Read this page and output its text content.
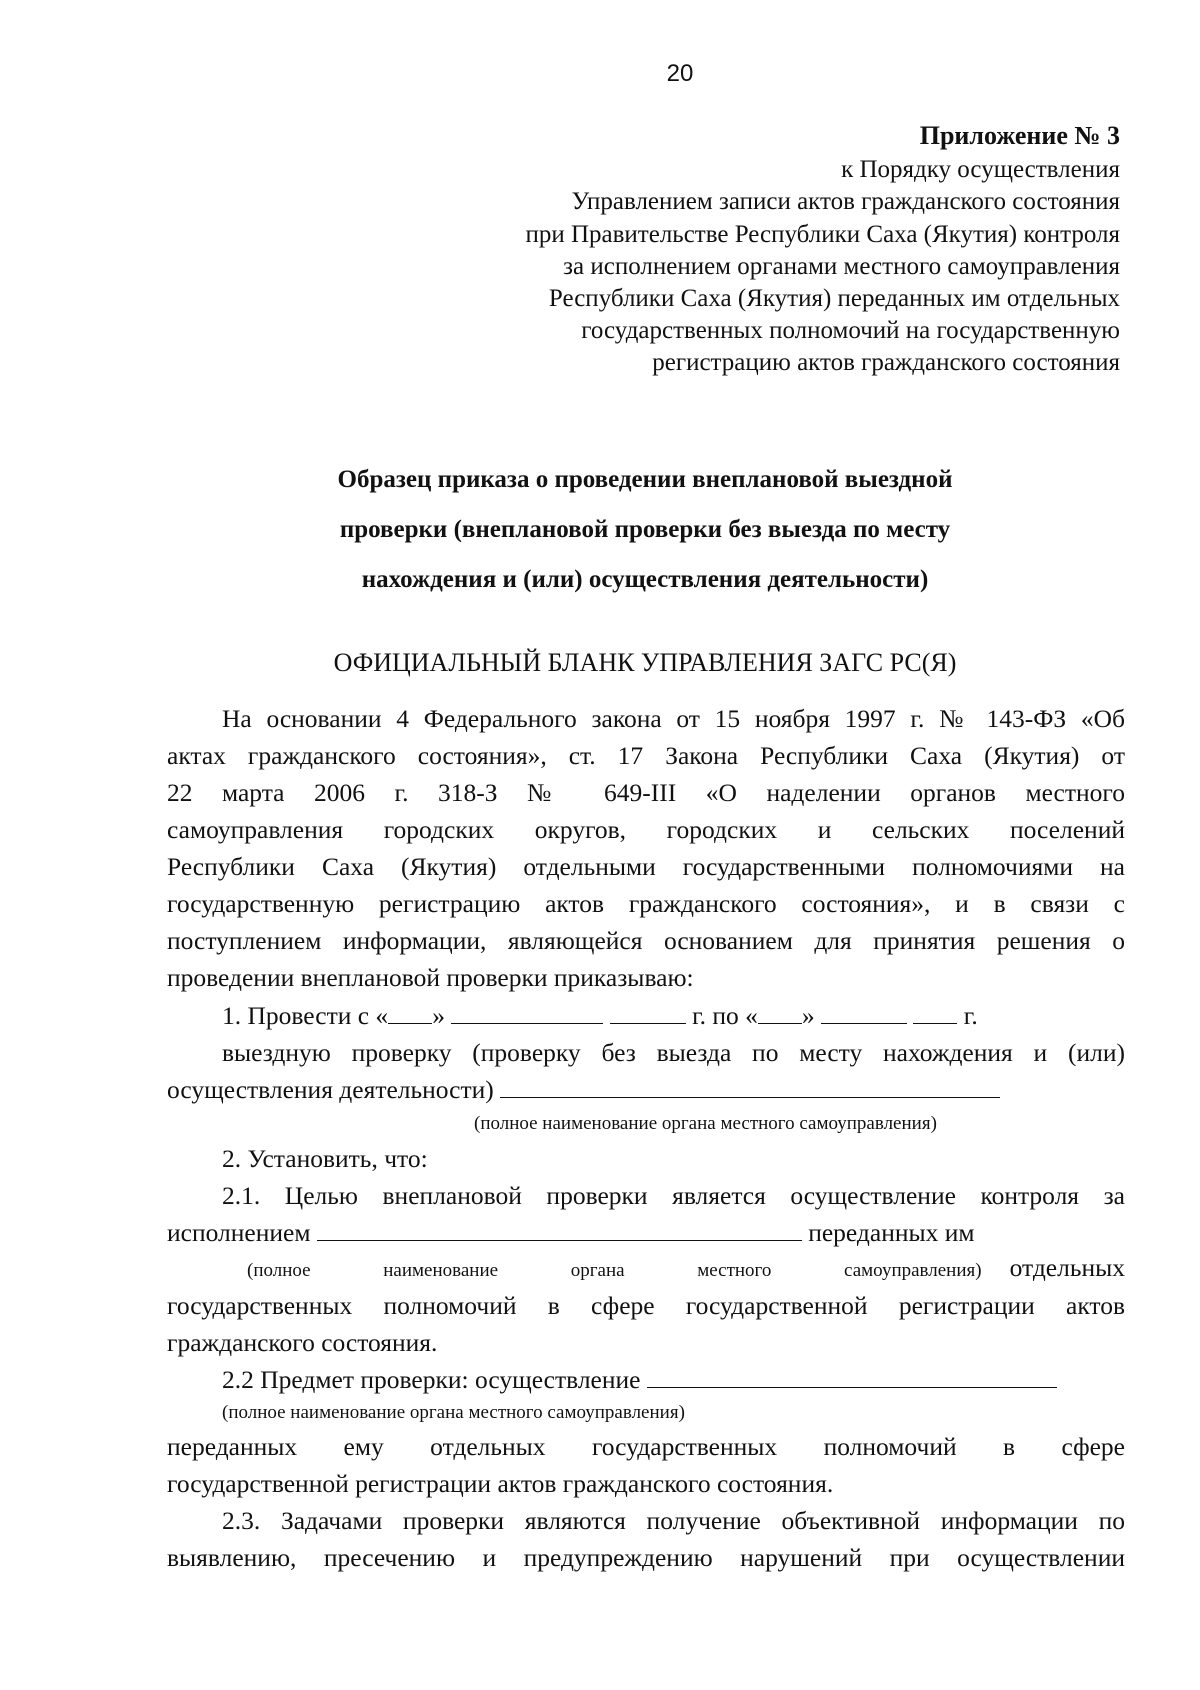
20
Приложение № 3
к Порядку осуществления
Управлением записи актов гражданского состояния
при Правительстве Республики Саха (Якутия) контроля
за исполнением органами местного самоуправления
Республики Саха (Якутия) переданных им отдельных
государственных полномочий на государственную
регистрацию актов гражданского состояния
Образец приказа о проведении внеплановой выездной
проверки (внеплановой проверки без выезда по месту
нахождения и (или) осуществления деятельности)
ОФИЦИАЛЬНЫЙ БЛАНК УПРАВЛЕНИЯ ЗАГС РС(Я)
На основании 4 Федерального закона от 15 ноября 1997 г. № 143-ФЗ «Об
актах гражданского состояния», ст. 17 Закона Республики Саха (Якутия) от
22 марта 2006 г. 318-З № 649-III «О наделении органов местного
самоуправления городских округов, городских и сельских поселений
Республики Саха (Якутия) отдельными государственными полномочиями на
государственную регистрацию актов гражданского состояния», и в связи с
поступлением информации, являющейся основанием для принятия решения о
проведении внеплановой проверки приказываю:
1. Провести с « »	г. по « »	г.
выездную проверку (проверку без выезда по месту нахождения и (или)
осуществления деятельности)
(полное наименование органа местного самоуправления)
2. Установить, что:
2.1. Целью внеплановой проверки является осуществление контроля за
исполнением	переданных им
(полное наименование органа местного самоуправления)	отдельных
государственных полномочий в сфере государственной регистрации актов
гражданского состояния.
2.2 Предмет проверки: осуществление
(полное наименование органа местного самоуправления)
переданных ему отдельных государственных полномочий в сфере
государственной регистрации актов гражданского состояния.
2.3. Задачами проверки являются получение объективной информации по
выявлению, пресечению и предупреждению нарушений при осуществлении
